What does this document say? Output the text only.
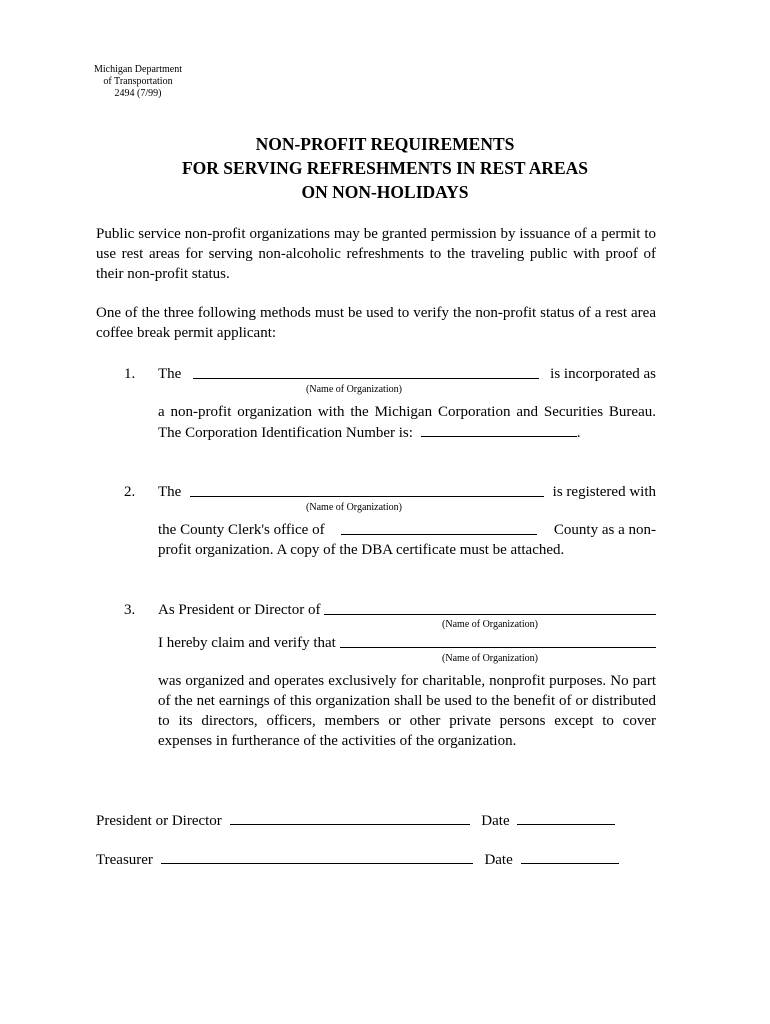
Michigan Department
of Transportation
2494 (7/99)
NON-PROFIT REQUIREMENTS
FOR SERVING REFRESHMENTS IN REST AREAS
ON NON-HOLIDAYS
Public service non-profit organizations may be granted permission by issuance of a permit to use rest areas for serving non-alcoholic refreshments to the traveling public with proof of their non-profit status.
One of the three following methods must be used to verify the non-profit status of a rest area coffee break permit applicant:
1. The	is incorporated as
(Name of Organization)
a non-profit organization with the Michigan Corporation and Securities Bureau. The Corporation Identification Number is:	.
2. The	is registered with
(Name of Organization)
the County Clerk's office of	County as a non-
profit organization. A copy of the DBA certificate must be attached.
3. As President or Director of
(Name of Organization)
I hereby claim and verify that
(Name of Organization)
was organized and operates exclusively for charitable, nonprofit purposes. No part of the net earnings of this organization shall be used to the benefit of or distributed to its directors, officers, members or other private persons except to cover expenses in furtherance of the activities of the organization.
President or Director	Date
Treasurer	Date
